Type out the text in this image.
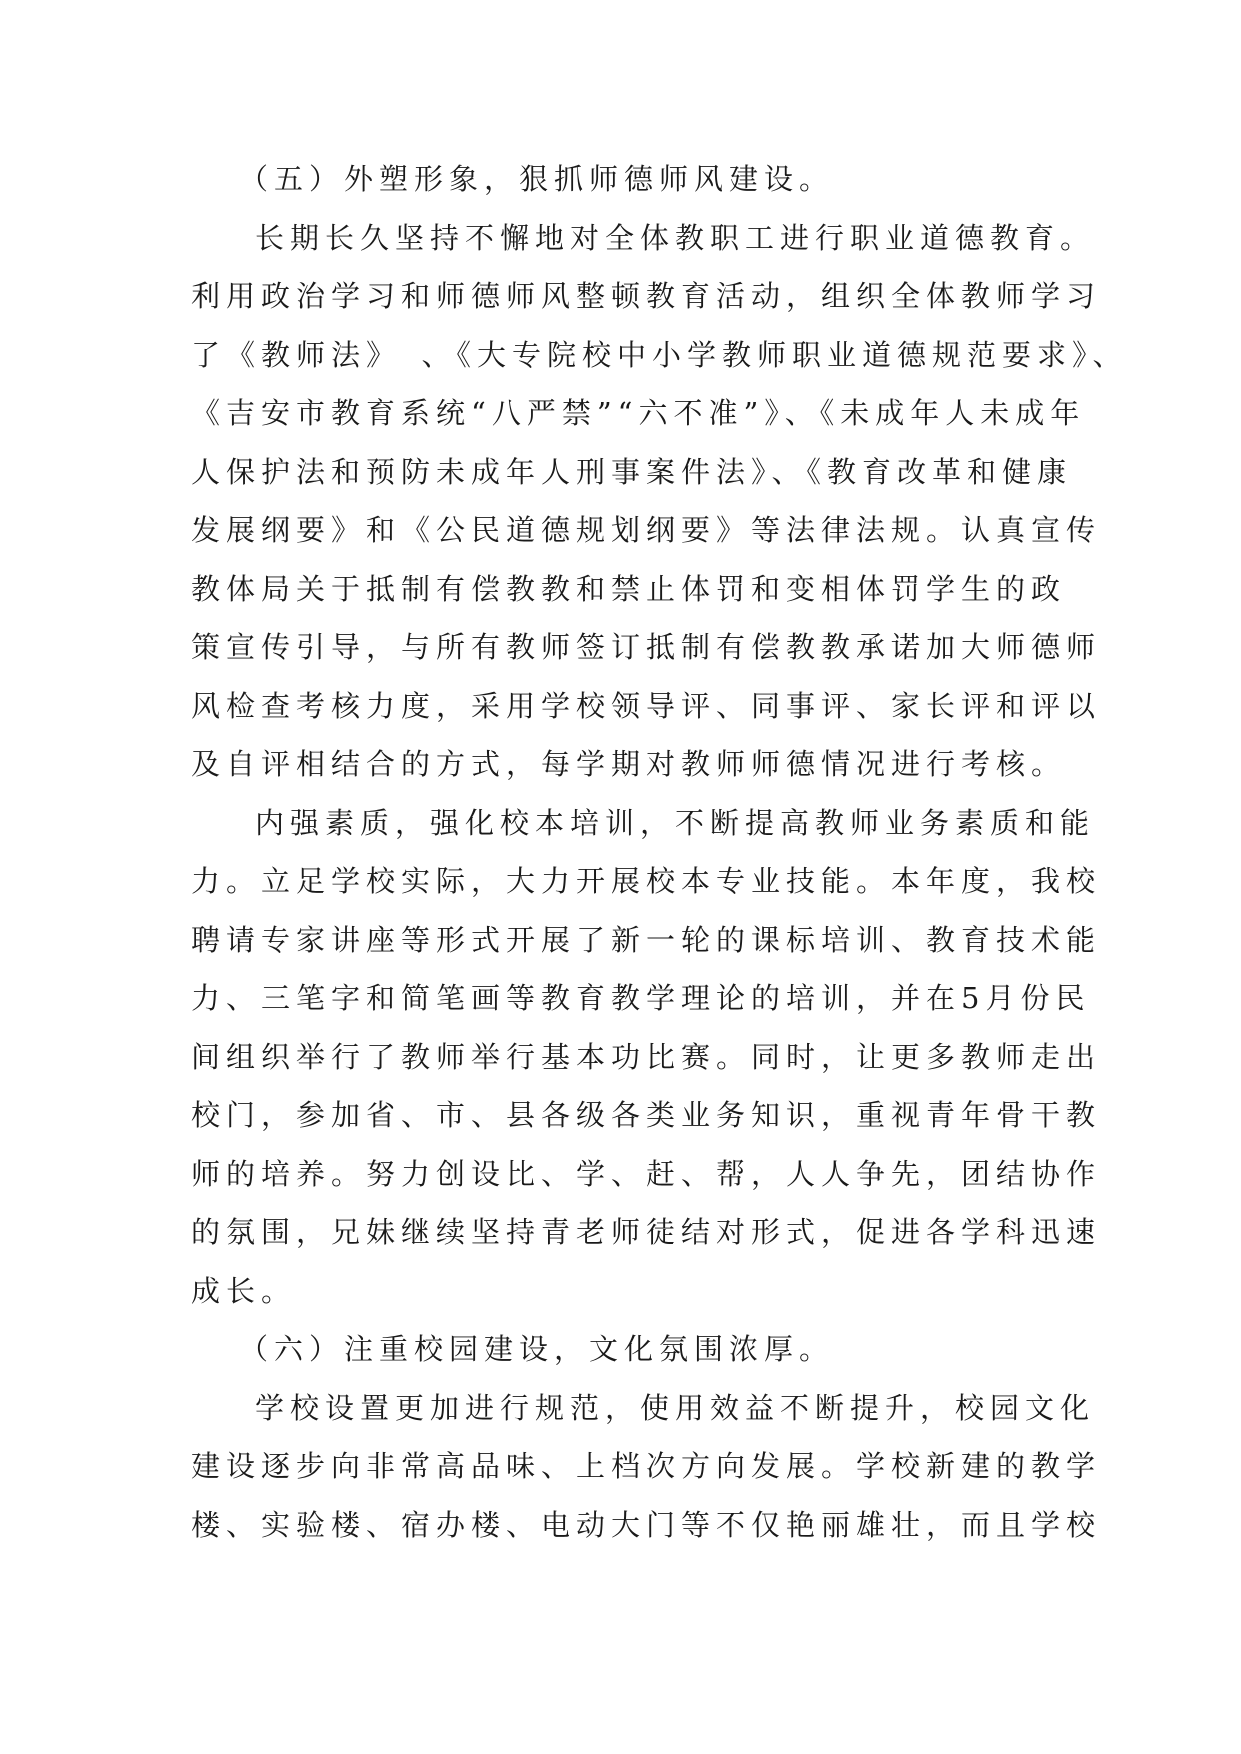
（五）外塑形象，狠抓师德师风建设。
长期长久坚持不懈地对全体教职工进行职业道德教育。
利用政治学习和师德师风整顿教育活动，组织全体教师学习
了《教师法》　、《大专院校中小学教师职业道德规范要求》、
《吉安市教育系统“八严禁”“六不准”》、《未成年人未成年
人保护法和预防未成年人刑事案件法》、《教育改革和健康
发展纲要》和《公民道德规划纲要》等法律法规。认真宣传
教体局关于抵制有偿教教和禁止体罚和变相体罚学生的政
策宣传引导，与所有教师签订抵制有偿教教承诺加大师德师
风检查考核力度，采用学校领导评、同事评、家长评和评以
及自评相结合的方式，每学期对教师师德情况进行考核。
内强素质，强化校本培训，不断提高教师业务素质和能
力。立足学校实际，大力开展校本专业技能。本年度，我校
聘请专家讲座等形式开展了新一轮的课标培训、教育技术能
力、三笔字和简笔画等教育教学理论的培训，并在5月份民
间组织举行了教师举行基本功比赛。同时，让更多教师走出
校门，参加省、市、县各级各类业务知识，重视青年骨干教
师的培养。努力创设比、学、赶、帮，人人争先，团结协作
的氛围，兄妹继续坚持青老师徒结对形式，促进各学科迅速
成长。
（六）注重校园建设，文化氛围浓厚。
学校设置更加进行规范，使用效益不断提升，校园文化
建设逐步向非常高品味、上档次方向发展。学校新建的教学
楼、实验楼、宿办楼、电动大门等不仅艳丽雄壮，而且学校
